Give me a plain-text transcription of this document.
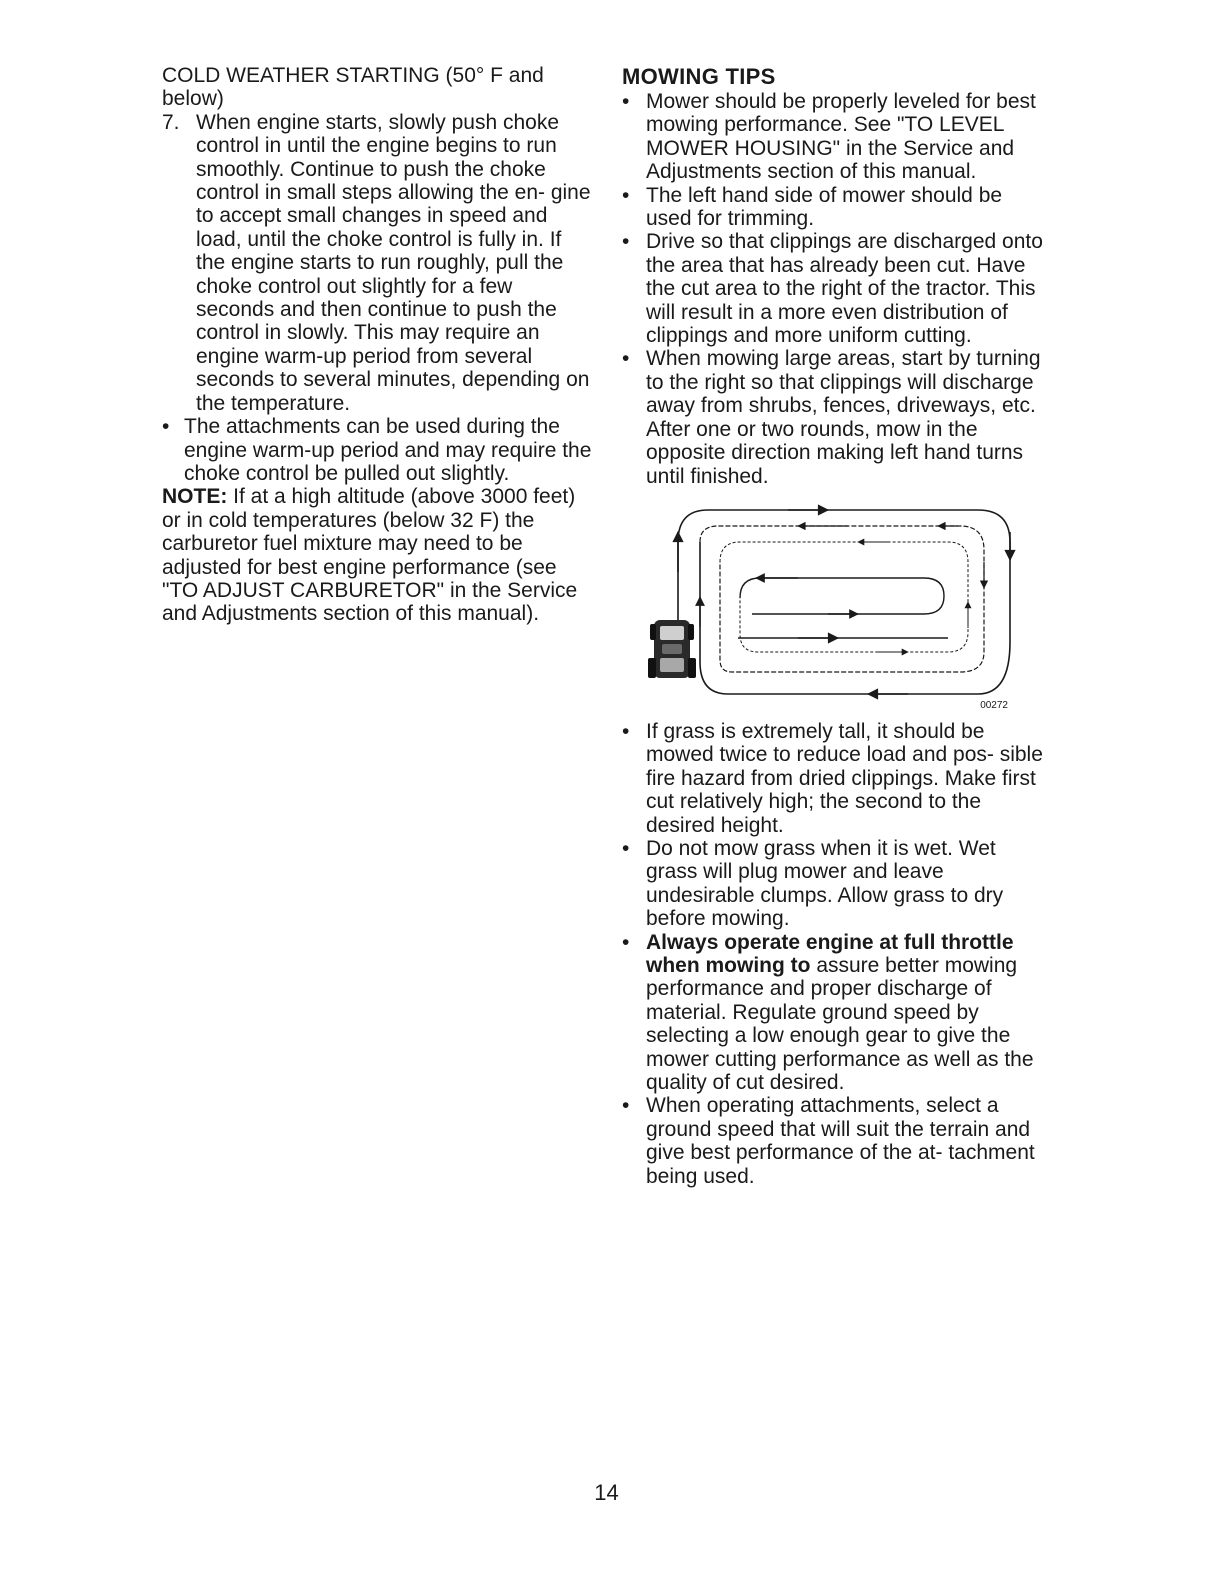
COLD WEATHER STARTING (50° F and below)

7. When engine starts, slowly push choke control in until the engine begins to run smoothly. Continue to push the choke control in small steps allowing the en- gine to accept small changes in speed and load, until the choke control is fully in. If the engine starts to run roughly, pull the choke control out slightly for a few seconds and then continue to push the control in slowly. This may require an engine warm-up period from several seconds to several minutes, depending on the temperature.

• The attachments can be used during the engine warm-up period and may require the choke control be pulled out slightly.

NOTE: If at a high altitude (above 3000 feet) or in cold temperatures (below 32 F) the carburetor fuel mixture may need to be adjusted for best engine performance (see "TO ADJUST CARBURETOR" in the Service and Adjustments section of this manual).

MOWING TIPS

• Mower should be properly leveled for best mowing performance. See "TO LEVEL MOWER HOUSING" in the Service and Adjustments section of this manual.

• The left hand side of mower should be used for trimming.

• Drive so that clippings are discharged onto the area that has already been cut. Have the cut area to the right of the tractor. This will result in a more even distribution of clippings and more uniform cutting.

• When mowing large areas, start by turning to the right so that clippings will discharge away from shrubs, fences, driveways, etc. After one or two rounds, mow in the opposite direction making left hand turns until finished.

00272

• If grass is extremely tall, it should be mowed twice to reduce load and pos- sible fire hazard from dried clippings. Make first cut relatively high; the second to the desired height.

• Do not mow grass when it is wet. Wet grass will plug mower and leave undesirable clumps. Allow grass to dry before mowing.

• Always operate engine at full throttle when mowing to assure better mowing performance and proper discharge of material. Regulate ground speed by selecting a low enough gear to give the mower cutting performance as well as the quality of cut desired.

• When operating attachments, select a ground speed that will suit the terrain and give best performance of the at- tachment being used.

14
